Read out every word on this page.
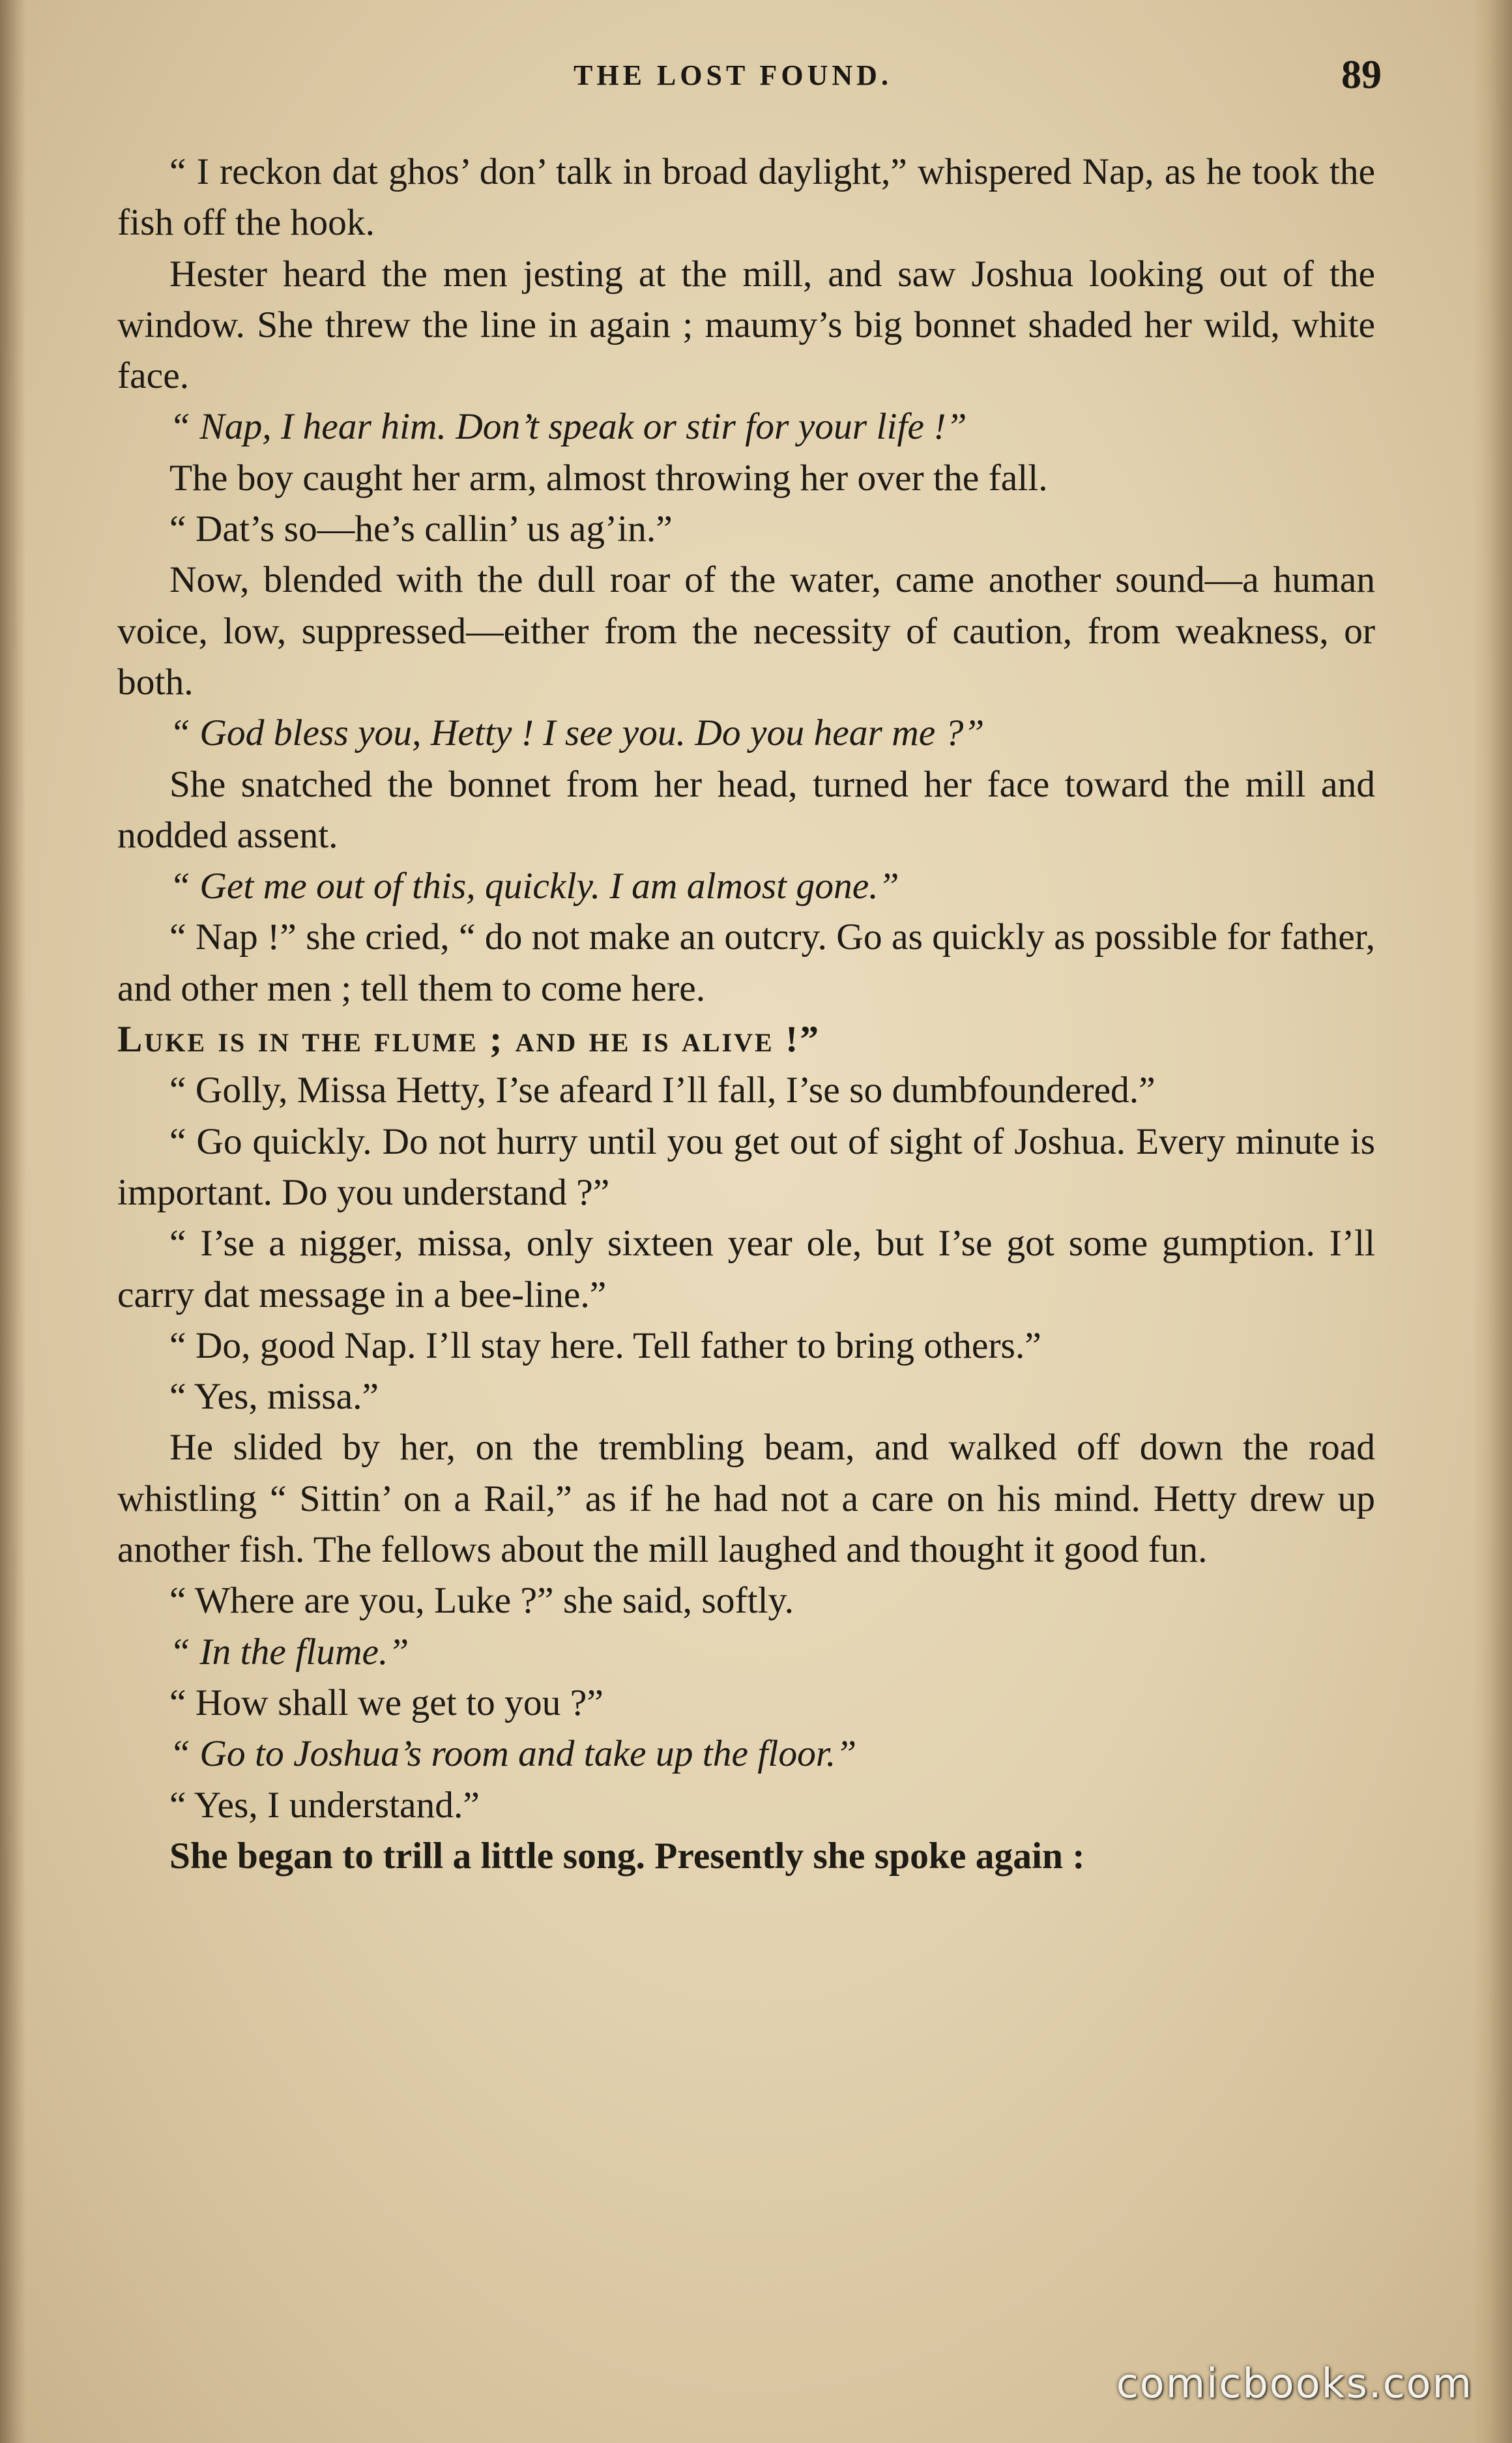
THE LOST FOUND.	89

“ I reckon dat ghos’ don’ talk in broad daylight,” whispered Nap, as he took the fish off the hook.

Hester heard the men jesting at the mill, and saw Joshua looking out of the window. She threw the line in again ; maumy’s big bonnet shaded her wild, white face.

“ Nap, I hear him. Don’t speak or stir for your life !”

The boy caught her arm, almost throwing her over the fall.

“ Dat’s so—he’s callin’ us ag’in.”

Now, blended with the dull roar of the water, came another sound—a human voice, low, suppressed—either from the necessity of caution, from weakness, or both.

“ God bless you, Hetty ! I see you. Do you hear me ?”

She snatched the bonnet from her head, turned her face toward the mill and nodded assent.

“ Get me out of this, quickly. I am almost gone.”

“ Nap !” she cried, “ do not make an outcry. Go as quickly as possible for father, and other men ; tell them to come here.

Luke is in the flume ; and he is alive !”

“ Golly, Missa Hetty, I’se afeard I’ll fall, I’se so dumbfoundered.”

“ Go quickly. Do not hurry until you get out of sight of Joshua. Every minute is important. Do you understand ?”

“ I’se a nigger, missa, only sixteen year ole, but I’se got some gumption. I’ll carry dat message in a bee-line.”

“ Do, good Nap. I’ll stay here. Tell father to bring others.”

“ Yes, missa.”

He slided by her, on the trembling beam, and walked off down the road whistling “ Sittin’ on a Rail,” as if he had not a care on his mind. Hetty drew up another fish. The fellows about the mill laughed and thought it good fun.

“ Where are you, Luke ?” she said, softly.

“ In the flume.”

“ How shall we get to you ?”

“ Go to Joshua’s room and take up the floor.”

“ Yes, I understand.”

She began to trill a little song. Presently she spoke again :

comicbooks.com
